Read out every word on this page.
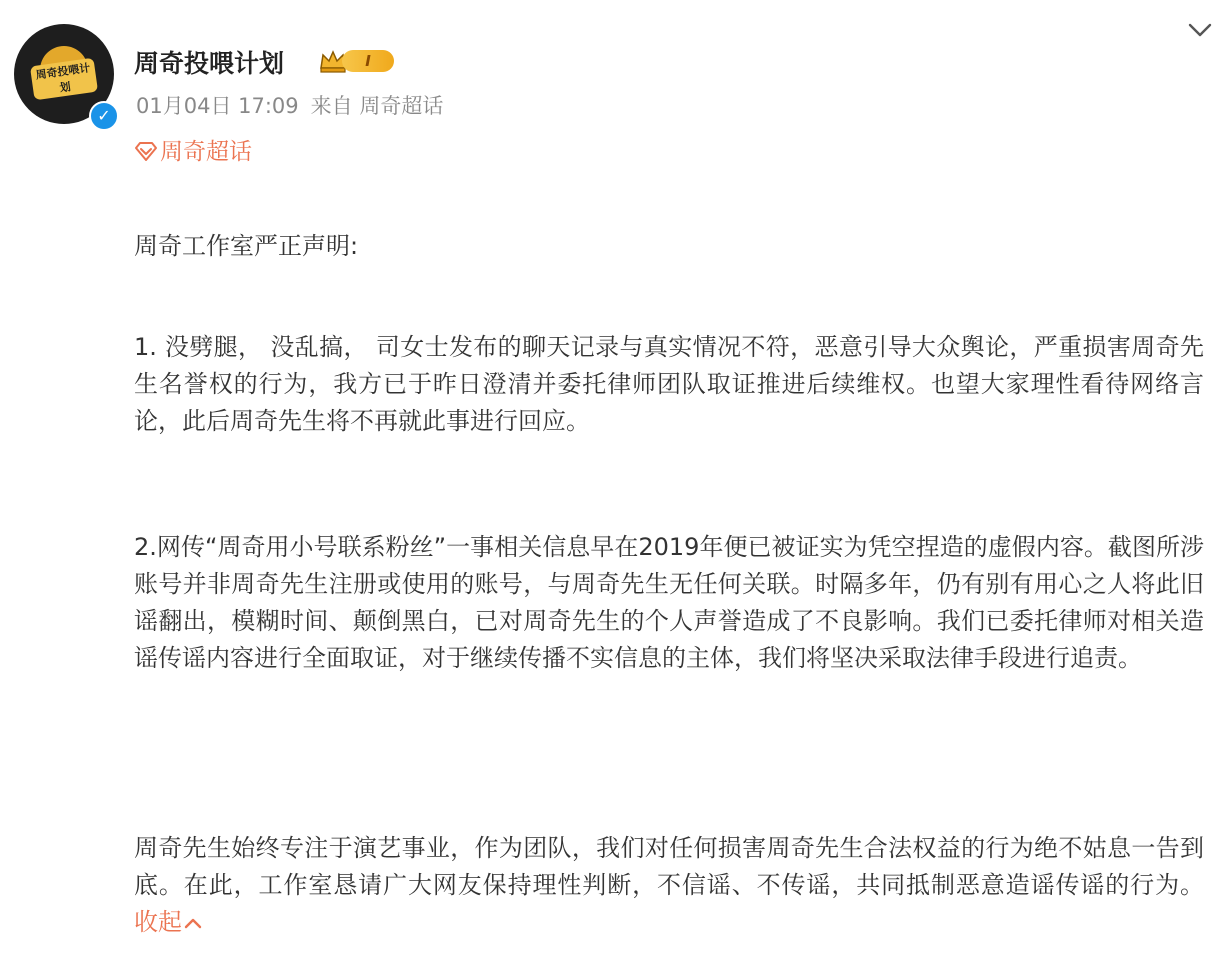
周奇投喂计划
✓
周奇投喂计划	I
01月04日 17:09 来自 周奇超话
周奇超话
周奇工作室严正声明:
1. 没劈腿， 没乱搞， 司女士发布的聊天记录与真实情况不符，恶意引导大众舆论，严重损害周奇先生名誉权的行为，我方已于昨日澄清并委托律师团队取证推进后续维权。也望大家理性看待网络言论，此后周奇先生将不再就此事进行回应。
2.网传“周奇用小号联系粉丝”一事相关信息早在2019年便已被证实为凭空捏造的虚假内容。截图所涉账号并非周奇先生注册或使用的账号，与周奇先生无任何关联。时隔多年，仍有别有用心之人将此旧谣翻出，模糊时间、颠倒黑白，已对周奇先生的个人声誉造成了不良影响。我们已委托律师对相关造谣传谣内容进行全面取证，对于继续传播不实信息的主体，我们将坚决采取法律手段进行追责。
周奇先生始终专注于演艺事业，作为团队，我们对任何损害周奇先生合法权益的行为绝不姑息一告到底。在此，工作室恳请广大网友保持理性判断，不信谣、不传谣，共同抵制恶意造谣传谣的行为。 收起
